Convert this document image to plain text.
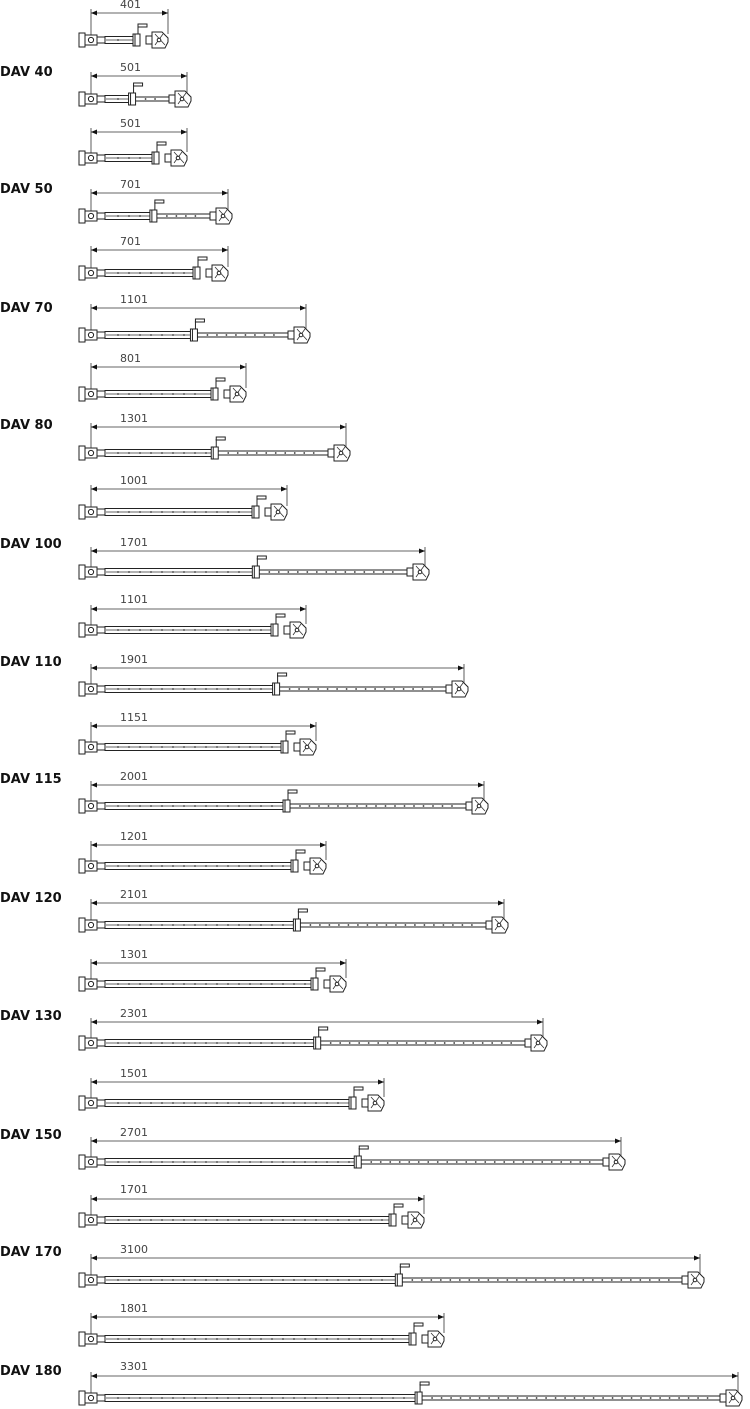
DAV 40
DAV 50
DAV 70
DAV 80
DAV 100
DAV 110
DAV 115
DAV 120
DAV 130
DAV 150
DAV 170
DAV 180
401
501
501
701
701
1101
801
1301
1001
1701
1101
1901
1151
2001
1201
2101
1301
2301
1501
2701
1701
3100
1801
3301
